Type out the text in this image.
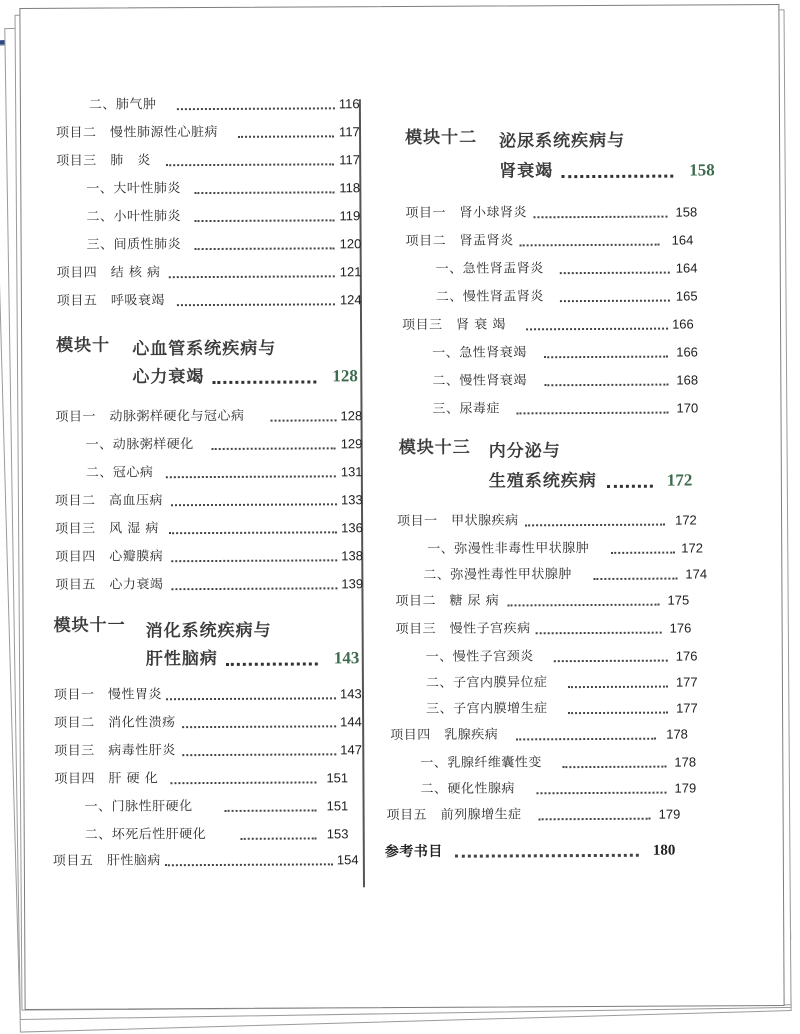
二、肺气肿	116
项目二　慢性肺源性心脏病	117
项目三　肺　炎	117
一、大叶性肺炎	118
二、小叶性肺炎	119
三、间质性肺炎	120
项目四　结 核 病	121
项目五　呼吸衰竭	124
模块十 心血管系统疾病与
心力衰竭	128
项目一　动脉粥样硬化与冠心病	128
一、动脉粥样硬化	129
二、冠心病	131
项目二　高血压病	133
项目三　风 湿 病	136
项目四　心瓣膜病	138
项目五　心力衰竭	139
模块十一 消化系统疾病与
肝性脑病	143
项目一　慢性胃炎	143
项目二　消化性溃疡	144
项目三　病毒性肝炎	147
项目四　肝 硬 化	151
一、门脉性肝硬化	151
二、坏死后性肝硬化	153
项目五　肝性脑病	154
模块十二 泌尿系统疾病与
肾衰竭	158
项目一　肾小球肾炎	158
项目二　肾盂肾炎	164
一、急性肾盂肾炎	164
二、慢性肾盂肾炎	165
项目三　肾 衰 竭	166
一、急性肾衰竭	166
二、慢性肾衰竭	168
三、尿毒症	170
模块十三 内分泌与
生殖系统疾病	172
项目一　甲状腺疾病	172
一、弥漫性非毒性甲状腺肿	172
二、弥漫性毒性甲状腺肿	174
项目二　糖 尿 病	175
项目三　慢性子宫疾病	176
一、慢性子宫颈炎	176
二、子宫内膜异位症	177
三、子宫内膜增生症	177
项目四　乳腺疾病	178
一、乳腺纤维囊性变	178
二、硬化性腺病	179
项目五　前列腺增生症	179
参考书目	180
